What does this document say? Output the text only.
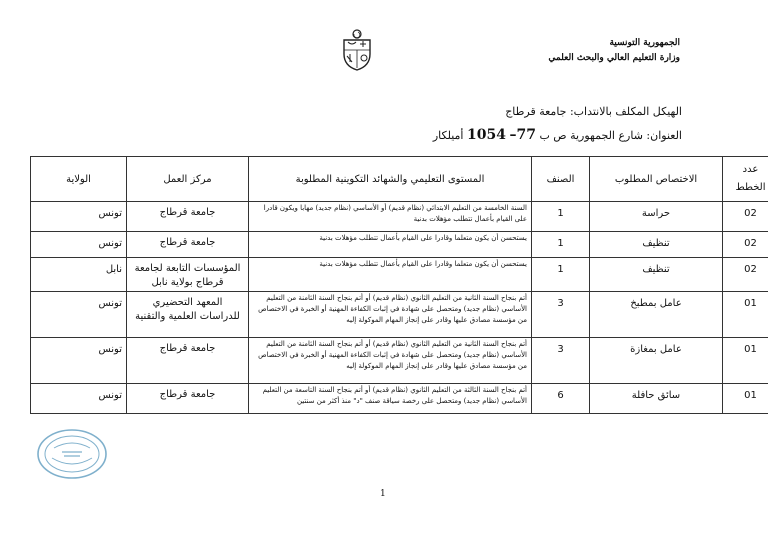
الجمهورية التونسية
وزارة التعليم العالي والبحث العلمي
الهيكل المكلف بالانتداب: جامعة قرطاج
العنوان: شارع الجمهورية ص ب 77– 1054 أميلكار
عدد الخطط	الاختصاص المطلوب	الصنف	المستوى التعليمي والشهائد التكوينية المطلوبة	مركز العمل	الولاية
02	حراسة	1	السنة الخامسة من التعليم الابتدائي (نظام قديم) أو الأساسي (نظام جديد) مهابا ويكون قادرا على القيام بأعمال تتطلب مؤهلات بدنية	جامعة قرطاج	تونس
02	تنظيف	1	يستحسن أن يكون متعلما وقادرا على القيام بأعمال تتطلب مؤهلات بدنية	جامعة قرطاج	تونس
02	تنظيف	1	يستحسن أن يكون متعلما وقادرا على القيام بأعمال تتطلب مؤهلات بدنية	المؤسسات التابعة لجامعة قرطاج بولاية نابل	نابل
01	عامل بمطبخ	3	أتم بنجاح السنة الثانية من التعليم الثانوي (نظام قديم) أو أتم بنجاح السنة الثامنة من التعليم الأساسي (نظام جديد) ومتحصل على شهادة في إثبات الكفاءة المهنية أو الخبرة في الاختصاص من مؤسسة مصادق عليها وقادر على إنجاز المهام الموكولة إليه	المعهد التحضيري للدراسات العلمية والتقنية	تونس
01	عامل بمغازة	3	أتم بنجاح السنة الثانية من التعليم الثانوي (نظام قديم) أو أتم بنجاح السنة الثامنة من التعليم الأساسي (نظام جديد) ومتحصل على شهادة في إثبات الكفاءة المهنية أو الخبرة في الاختصاص من مؤسسة مصادق عليها وقادر على إنجاز المهام الموكولة إليه	جامعة قرطاج	تونس
01	سائق حافلة	6	أتم بنجاح السنة الثالثة من التعليم الثانوي (نظام قديم) أو أتم بنجاح السنة التاسعة من التعليم الأساسي (نظام جديد) ومتحصل على رخصة سياقة صنف "د" منذ أكثر من سنتين	جامعة قرطاج	تونس
1
